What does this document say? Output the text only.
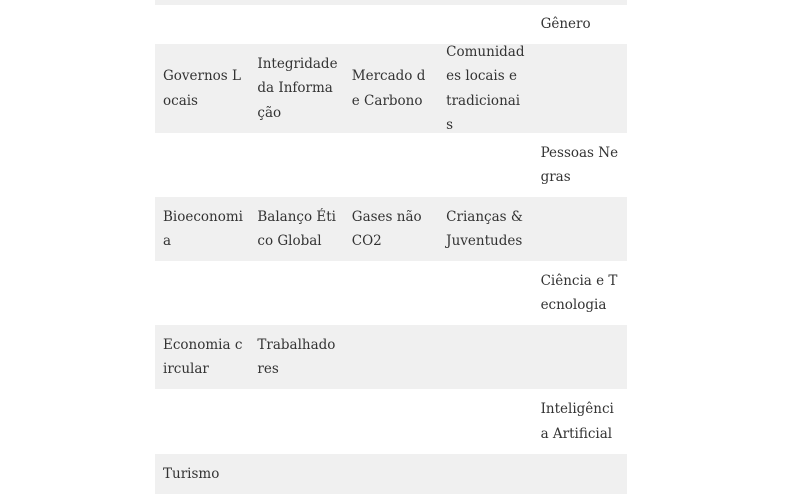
Gênero
Governos Locais
Integridade da Informação
Mercado de Carbono
Comunidades locais e tradicionais
Pessoas Negras
Bioeconomia
Balanço Ético Global
Gases não CO2
Crianças & Juventudes
Ciência e Tecnologia
Economia circular
Trabalhadores
Inteligência Artificial
Turismo
